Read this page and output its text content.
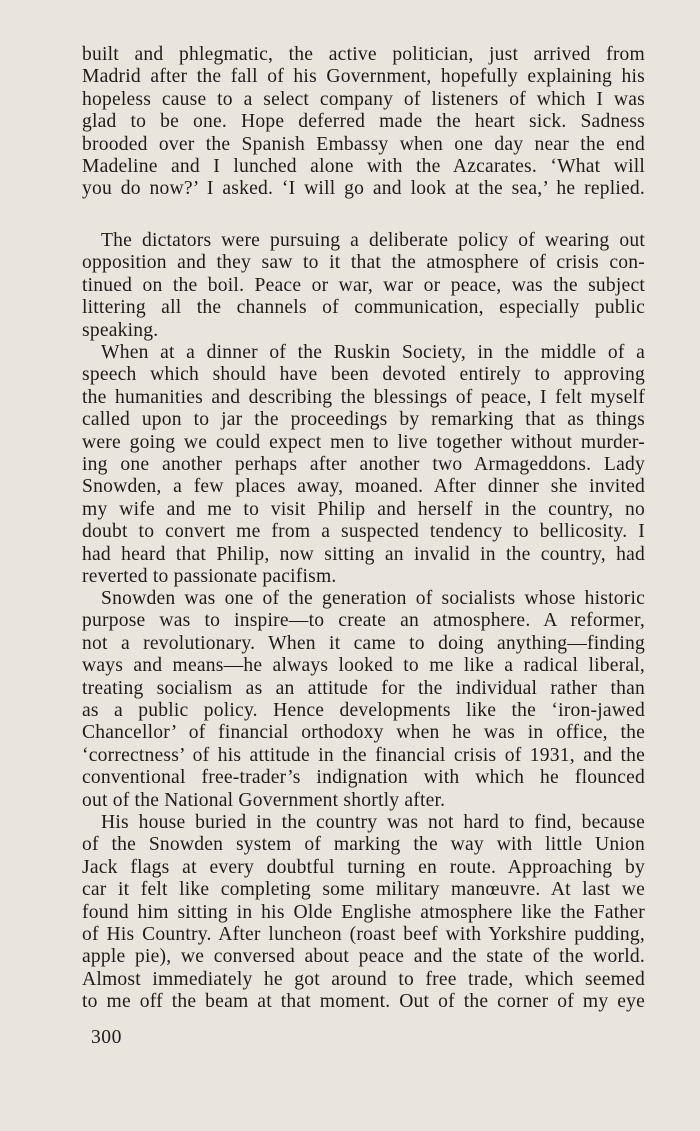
built and phlegmatic, the active politician, just arrived from
Madrid after the fall of his Government, hopefully explaining his
hopeless cause to a select company of listeners of which I was
glad to be one. Hope deferred made the heart sick. Sadness
brooded over the Spanish Embassy when one day near the end
Madeline and I lunched alone with the Azcarates. ‘What will
you do now?’ I asked. ‘I will go and look at the sea,’ he replied.
The dictators were pursuing a deliberate policy of wearing out
opposition and they saw to it that the atmosphere of crisis con-
tinued on the boil. Peace or war, war or peace, was the subject
littering all the channels of communication, especially public
speaking.
When at a dinner of the Ruskin Society, in the middle of a
speech which should have been devoted entirely to approving
the humanities and describing the blessings of peace, I felt myself
called upon to jar the proceedings by remarking that as things
were going we could expect men to live together without murder-
ing one another perhaps after another two Armageddons. Lady
Snowden, a few places away, moaned. After dinner she invited
my wife and me to visit Philip and herself in the country, no
doubt to convert me from a suspected tendency to bellicosity. I
had heard that Philip, now sitting an invalid in the country, had
reverted to passionate pacifism.
Snowden was one of the generation of socialists whose historic
purpose was to inspire—to create an atmosphere. A reformer,
not a revolutionary. When it came to doing anything—finding
ways and means—he always looked to me like a radical liberal,
treating socialism as an attitude for the individual rather than
as a public policy. Hence developments like the ‘iron-jawed
Chancellor’ of financial orthodoxy when he was in office, the
‘correctness’ of his attitude in the financial crisis of 1931, and the
conventional free-trader’s indignation with which he flounced
out of the National Government shortly after.
His house buried in the country was not hard to find, because
of the Snowden system of marking the way with little Union
Jack flags at every doubtful turning en route. Approaching by
car it felt like completing some military manœuvre. At last we
found him sitting in his Olde Englishe atmosphere like the Father
of His Country. After luncheon (roast beef with Yorkshire pudding,
apple pie), we conversed about peace and the state of the world.
Almost immediately he got around to free trade, which seemed
to me off the beam at that moment. Out of the corner of my eye
300
